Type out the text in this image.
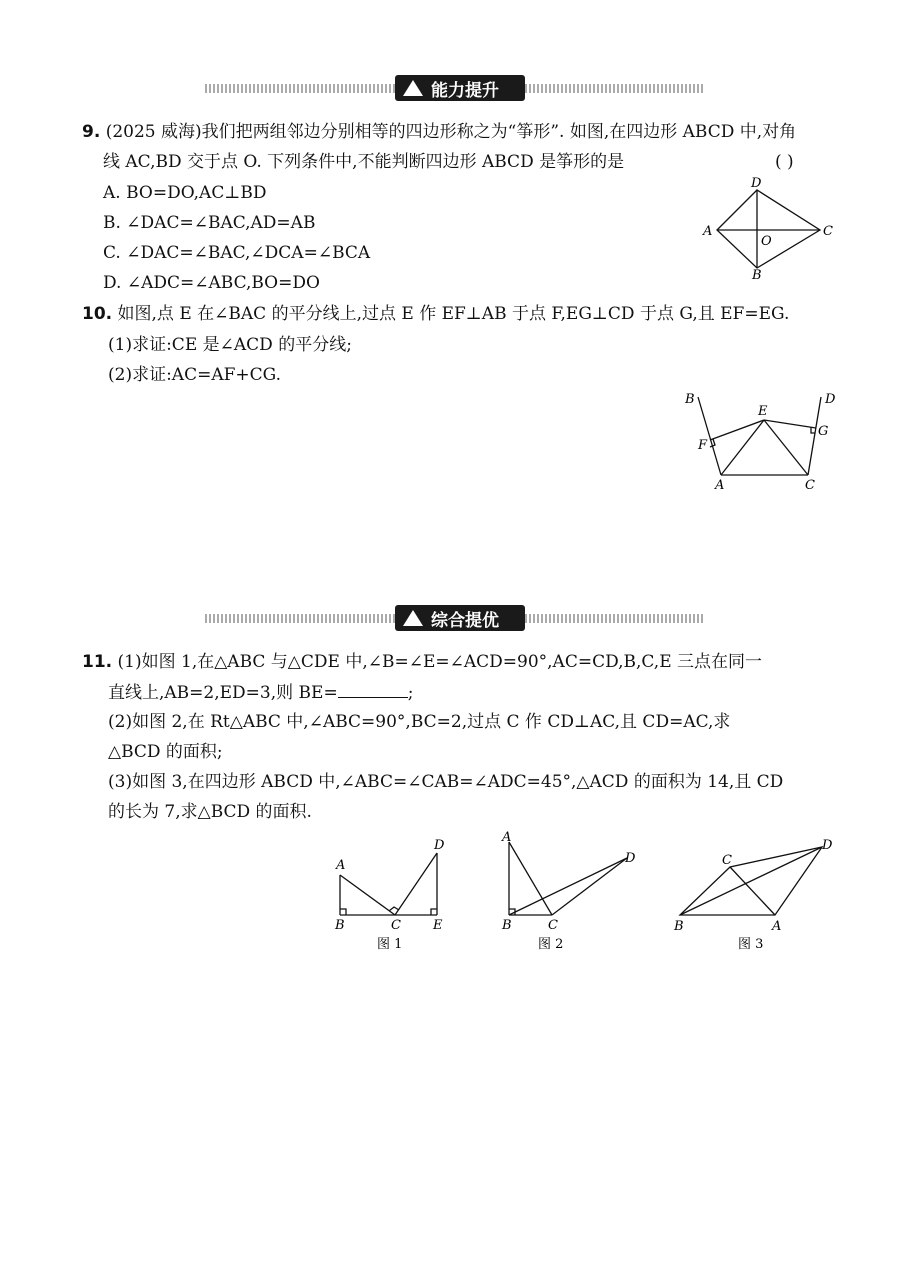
能力提升
9. (2025 威海)我们把两组邻边分别相等的四边形称之为“筝形”. 如图,在四边形 ABCD 中,对角
线 AC,BD 交于点 O. 下列条件中,不能判断四边形 ABCD 是筝形的是	( )
A. BO=DO,AC⊥BD
B. ∠DAC=∠BAC,AD=AB
C. ∠DAC=∠BAC,∠DCA=∠BCA
D. ∠ADC=∠ABC,BO=DO
A
D
C
B
O
10. 如图,点 E 在∠BAC 的平分线上,过点 E 作 EF⊥AB 于点 F,EG⊥CD 于点 G,且 EF=EG.
(1)求证:CE 是∠ACD 的平分线;
(2)求证:AC=AF+CG.
B	D
E
F
G
A	C
综合提优
11. (1)如图 1,在△ABC 与△CDE 中,∠B=∠E=∠ACD=90°,AC=CD,B,C,E 三点在同一
直线上,AB=2,ED=3,则 BE=	;
(2)如图 2,在 Rt△ABC 中,∠ABC=90°,BC=2,过点 C 作 CD⊥AC,且 CD=AC,求
△BCD 的面积;
(3)如图 3,在四边形 ABCD 中,∠ABC=∠CAB=∠ADC=45°,△ACD 的面积为 14,且 CD
的长为 7,求△BCD 的面积.
A
B	C
D
E
图 1
A
B	C
D
图 2
C
D
B	A
图 3
